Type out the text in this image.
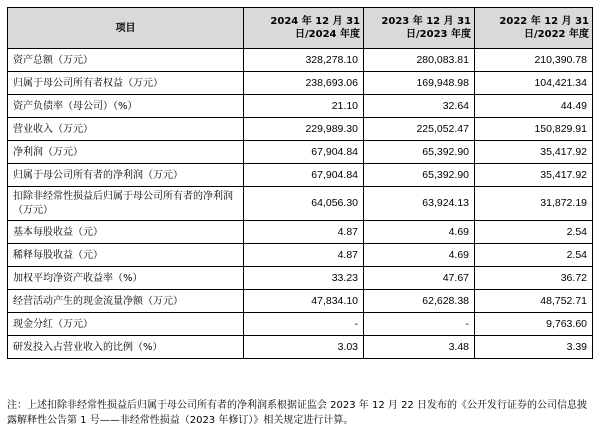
项目	2024 年 12 月 31 日/2024 年度	2023 年 12 月 31 日/2023 年度	2022 年 12 月 31 日/2022 年度
资产总额（万元）	328,278.10	280,083.81	210,390.78
归属于母公司所有者权益（万元）	238,693.06	169,948.98	104,421.34
资产负债率（母公司）（%）	21.10	32.64	44.49
营业收入（万元）	229,989.30	225,052.47	150,829.91
净利润（万元）	67,904.84	65,392.90	35,417.92
归属于母公司所有者的净利润（万元）	67,904.84	65,392.90	35,417.92
扣除非经常性损益后归属于母公司所有者的净利润（万元）	64,056.30	63,924.13	31,872.19
基本每股收益（元）	4.87	4.69	2.54
稀释每股收益（元）	4.87	4.69	2.54
加权平均净资产收益率（%）	33.23	47.67	36.72
经营活动产生的现金流量净额（万元）	47,834.10	62,628.38	48,752.71
现金分红（万元）	-	-	9,763.60
研发投入占营业收入的比例（%）	3.03	3.48	3.39
注：上述扣除非经常性损益后归属于母公司所有者的净利润系根据证监会 2023 年 12 月 22 日发布的《公开发行证券的公司信息披露解释性公告第 1 号——非经常性损益（2023 年修订）》相关规定进行计算。
